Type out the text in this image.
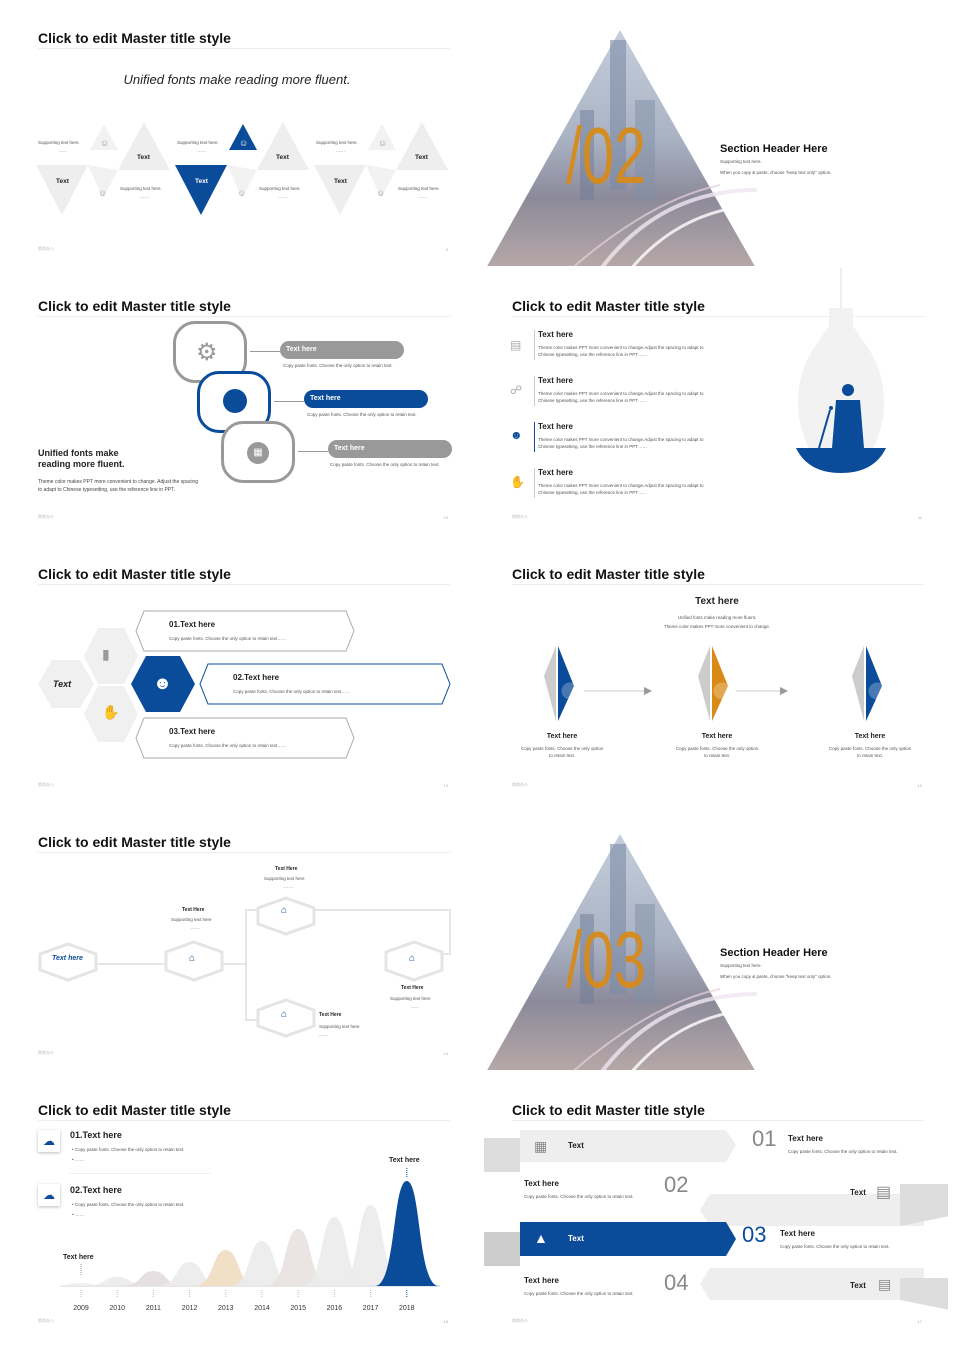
Click to edit Master title style
Unified fonts make reading more fluent.
☺	☺	☺
☺	☺	☺
Supporting text here.
……
Text
Text
Supporting text here.
……
Supporting text here.
……
Text
Text
Supporting text here.
……
Supporting text here.
……
Text
Text
Supporting text here.
……
简简办公	9
/02	Section Header Here
Supporting text here.
When you copy & paste, choose "keep text only" option.
Click to edit Master title style
⚙
▦
Text here
Copy paste fonts. Choose the only option to retain text.
Text here
Copy paste fonts. Choose the only option to retain text.
Text here
Copy paste fonts. Choose the only option to retain text.
Unified fonts make reading more fluent.
Theme color makes PPT more convenient to change. Adjust the spacing to adapt to Chinese typesetting, use the reference line in PPT.
简简办公	10
Click to edit Master title style
▤
☍
☻
✋
Text here
Theme color makes PPT more convenient to change.Adjust the spacing to adapt to Chinese typesetting, use the reference line in PPT……
Text here
Theme color makes PPT more convenient to change.Adjust the spacing to adapt to Chinese typesetting, use the reference line in PPT……
Text here
Theme color makes PPT more convenient to change.Adjust the spacing to adapt to Chinese typesetting, use the reference line in PPT……
Text here
Theme color makes PPT more convenient to change.Adjust the spacing to adapt to Chinese typesetting, use the reference line in PPT……
简简办公	11
Click to edit Master title style
Text
▮
✋
☻
01.Text here
Copy paste fonts. Choose the only option to retain text……
02.Text here
Copy paste fonts. Choose the only option to retain text……
03.Text here
Copy paste fonts. Choose the only option to retain text……
简简办公	12
Click to edit Master title style
Text here
Unified fonts make reading more fluent.
Theme color makes PPT more convenient to change.
Text here
Copy paste fonts. Choose the only option to retain text.
Text here
Copy paste fonts. Choose the only option to retain text.
Text here
Copy paste fonts. Choose the only option to retain text.
简简办公	13
Click to edit Master title style
Text here	⌂
⌂
⌂
⌂
Text Here
Supporting text here
……
Text Here
Supporting text here
……
Text Here
Supporting text here
……
Text Here
Supporting text here
……
简简办公	14
/03	Section Header Here
Supporting text here.
When you copy & paste, choose "keep text only" option.
Click to edit Master title style
☁
☁
01.Text here
• Copy paste fonts. Choose the only option to retain text.
• ……
02.Text here
• Copy paste fonts. Choose the only option to retain text.
• ……
Text here
Text here
2009	2010	2011	2012	2013	2014	2015	2016	2017	2018
简简办公	16
Click to edit Master title style
▦	Text	01 Text here
Copy paste fonts. Choose the only option to retain text.
Text here
Copy paste fonts. Choose the only option to retain text. 02	Text ▤
▲	Text	03 Text here
Copy paste fonts. Choose the only option to retain text.
Text here
Copy paste fonts. Choose the only option to retain text. 04	Text ▤
简简办公	17
